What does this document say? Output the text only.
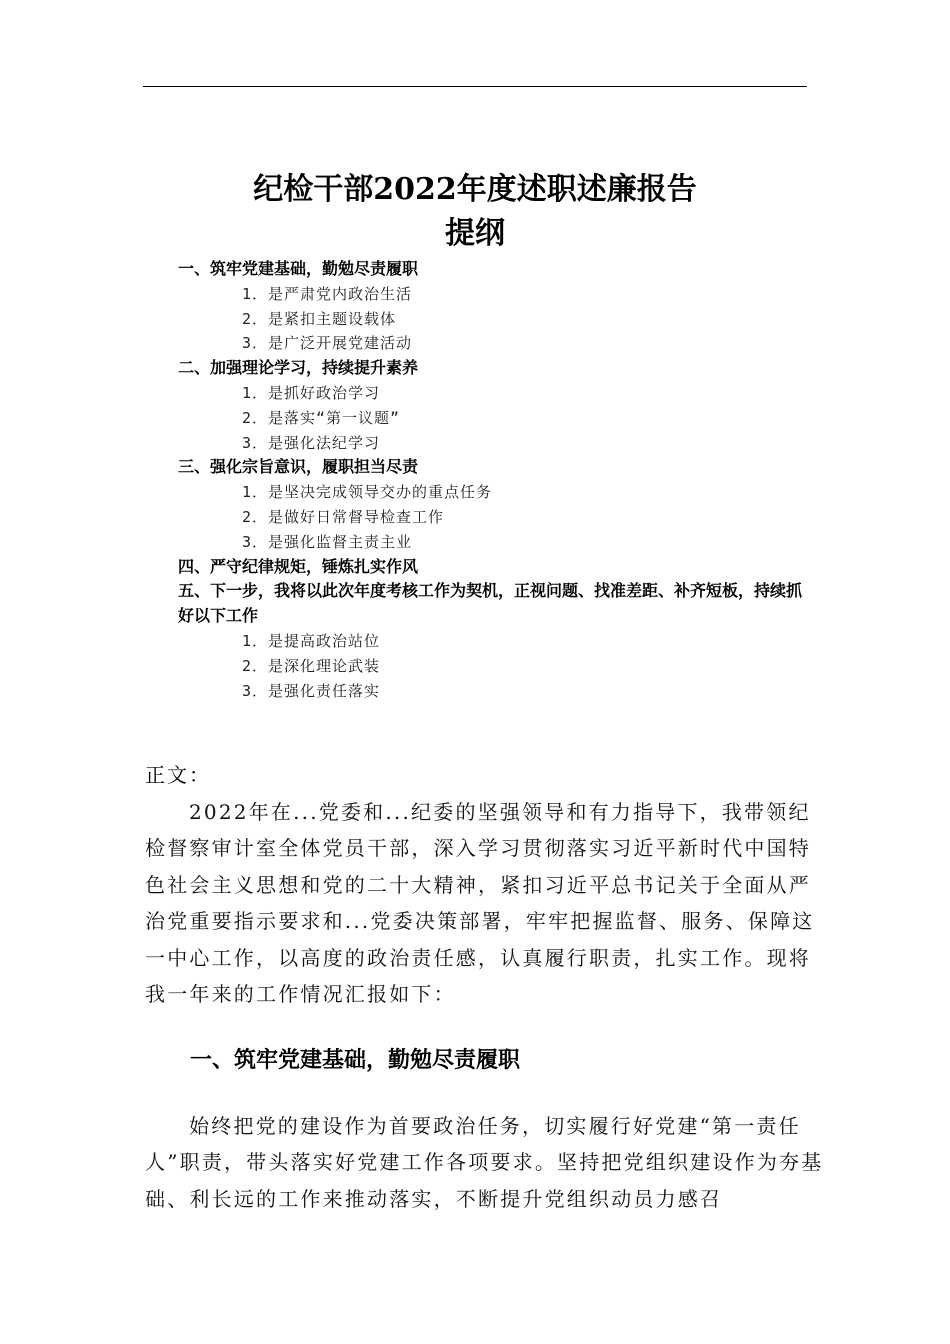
纪检干部2022年度述职述廉报告
提纲

一、筑牢党建基础，勤勉尽责履职

1．是严肃党内政治生活

2．是紧扣主题设载体

3．是广泛开展党建活动

二、加强理论学习，持续提升素养

1．是抓好政治学习

2．是落实“第一议题”

3．是强化法纪学习

三、强化宗旨意识，履职担当尽责

1．是坚决完成领导交办的重点任务

2．是做好日常督导检查工作

3．是强化监督主责主业

四、严守纪律规矩，锤炼扎实作风

五、下一步，我将以此次年度考核工作为契机，正视问题、找准差距、补齐短板，持续抓好以下工作

1．是提高政治站位

2．是深化理论武装

3．是强化责任落实

正文：
2022年在...党委和...纪委的坚强领导和有力指导下，我带领纪检督察审计室全体党员干部，深入学习贯彻落实习近平新时代中国特色社会主义思想和党的二十大精神，紧扣习近平总书记关于全面从严治党重要指示要求和...党委决策部署，牢牢把握监督、服务、保障这一中心工作，以高度的政治责任感，认真履行职责，扎实工作。现将我一年来的工作情况汇报如下：
一、筑牢党建基础，勤勉尽责履职
始终把党的建设作为首要政治任务，切实履行好党建“第一责任人”职责，带头落实好党建工作各项要求。坚持把党组织建设作为夯基础、利长远的工作来推动落实，不断提升党组织动员力感召
